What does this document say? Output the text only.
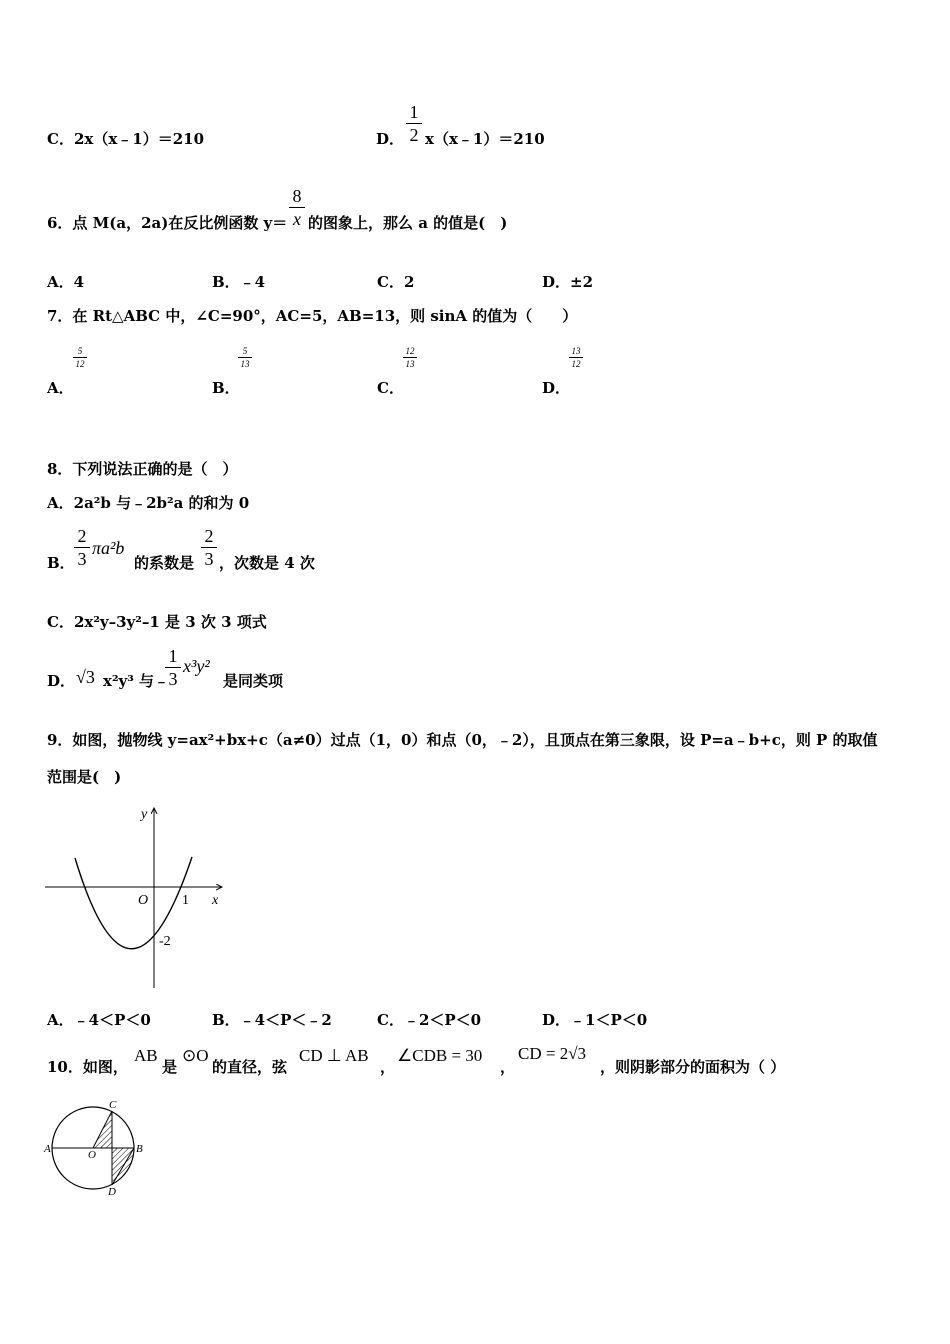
C．2x（x﹣1）＝210	D．
1
2 x（x﹣1）＝210
6．点 M(a，2a)在反比例函数 y＝
8
x 的图象上，那么 a 的值是(　)
A．4	B．﹣4	C．2	D．±2
7．在 Rt△ABC 中，∠C=90°，AC=5，AB=13，则 sinA 的值为（　　）
5
12
A．
5
13
B．
12
13
C．
13
12
D．
8．下列说法正确的是（　）
A．2a²b 与﹣2b²a 的和为 0
B．
2
3
πa²b
的系数是
2
3 ，次数是 4 次
C．2x²y–3y²–1 是 3 次 3 项式
D． √3 x²y³ 与﹣
1
3
x³y²
是同类项
9．如图，抛物线 y=ax²+bx+c（a≠0）过点（1，0）和点（0，﹣2），且顶点在第三象限，设 P=a﹣b+c，则 P 的取值
范围是(　)
y
x
O 1
-2
A．﹣4＜P＜0	B．﹣4＜P＜﹣2	C．﹣2＜P＜0	D．﹣1＜P＜0
10．如图，
AB
是
⊙O
的直径，弦
CD ⊥ AB
，
∠CDB = 30
，
CD = 2√3
，则阴影部分的面积为（ ）
C
A	O	B
D
